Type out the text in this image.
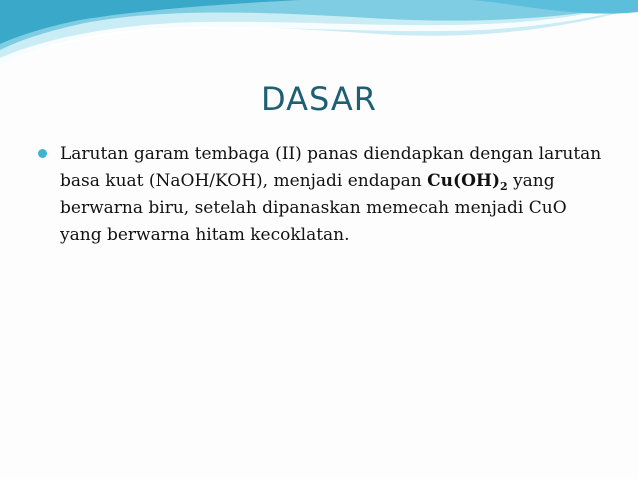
DASAR
Larutan garam tembaga (II) panas diendapkan dengan larutan basa kuat (NaOH/KOH), menjadi endapan $Cu(OH)_2$ yang berwarna biru, setelah dipanaskan memecah menjadi CuO yang berwarna hitam kecoklatan.
